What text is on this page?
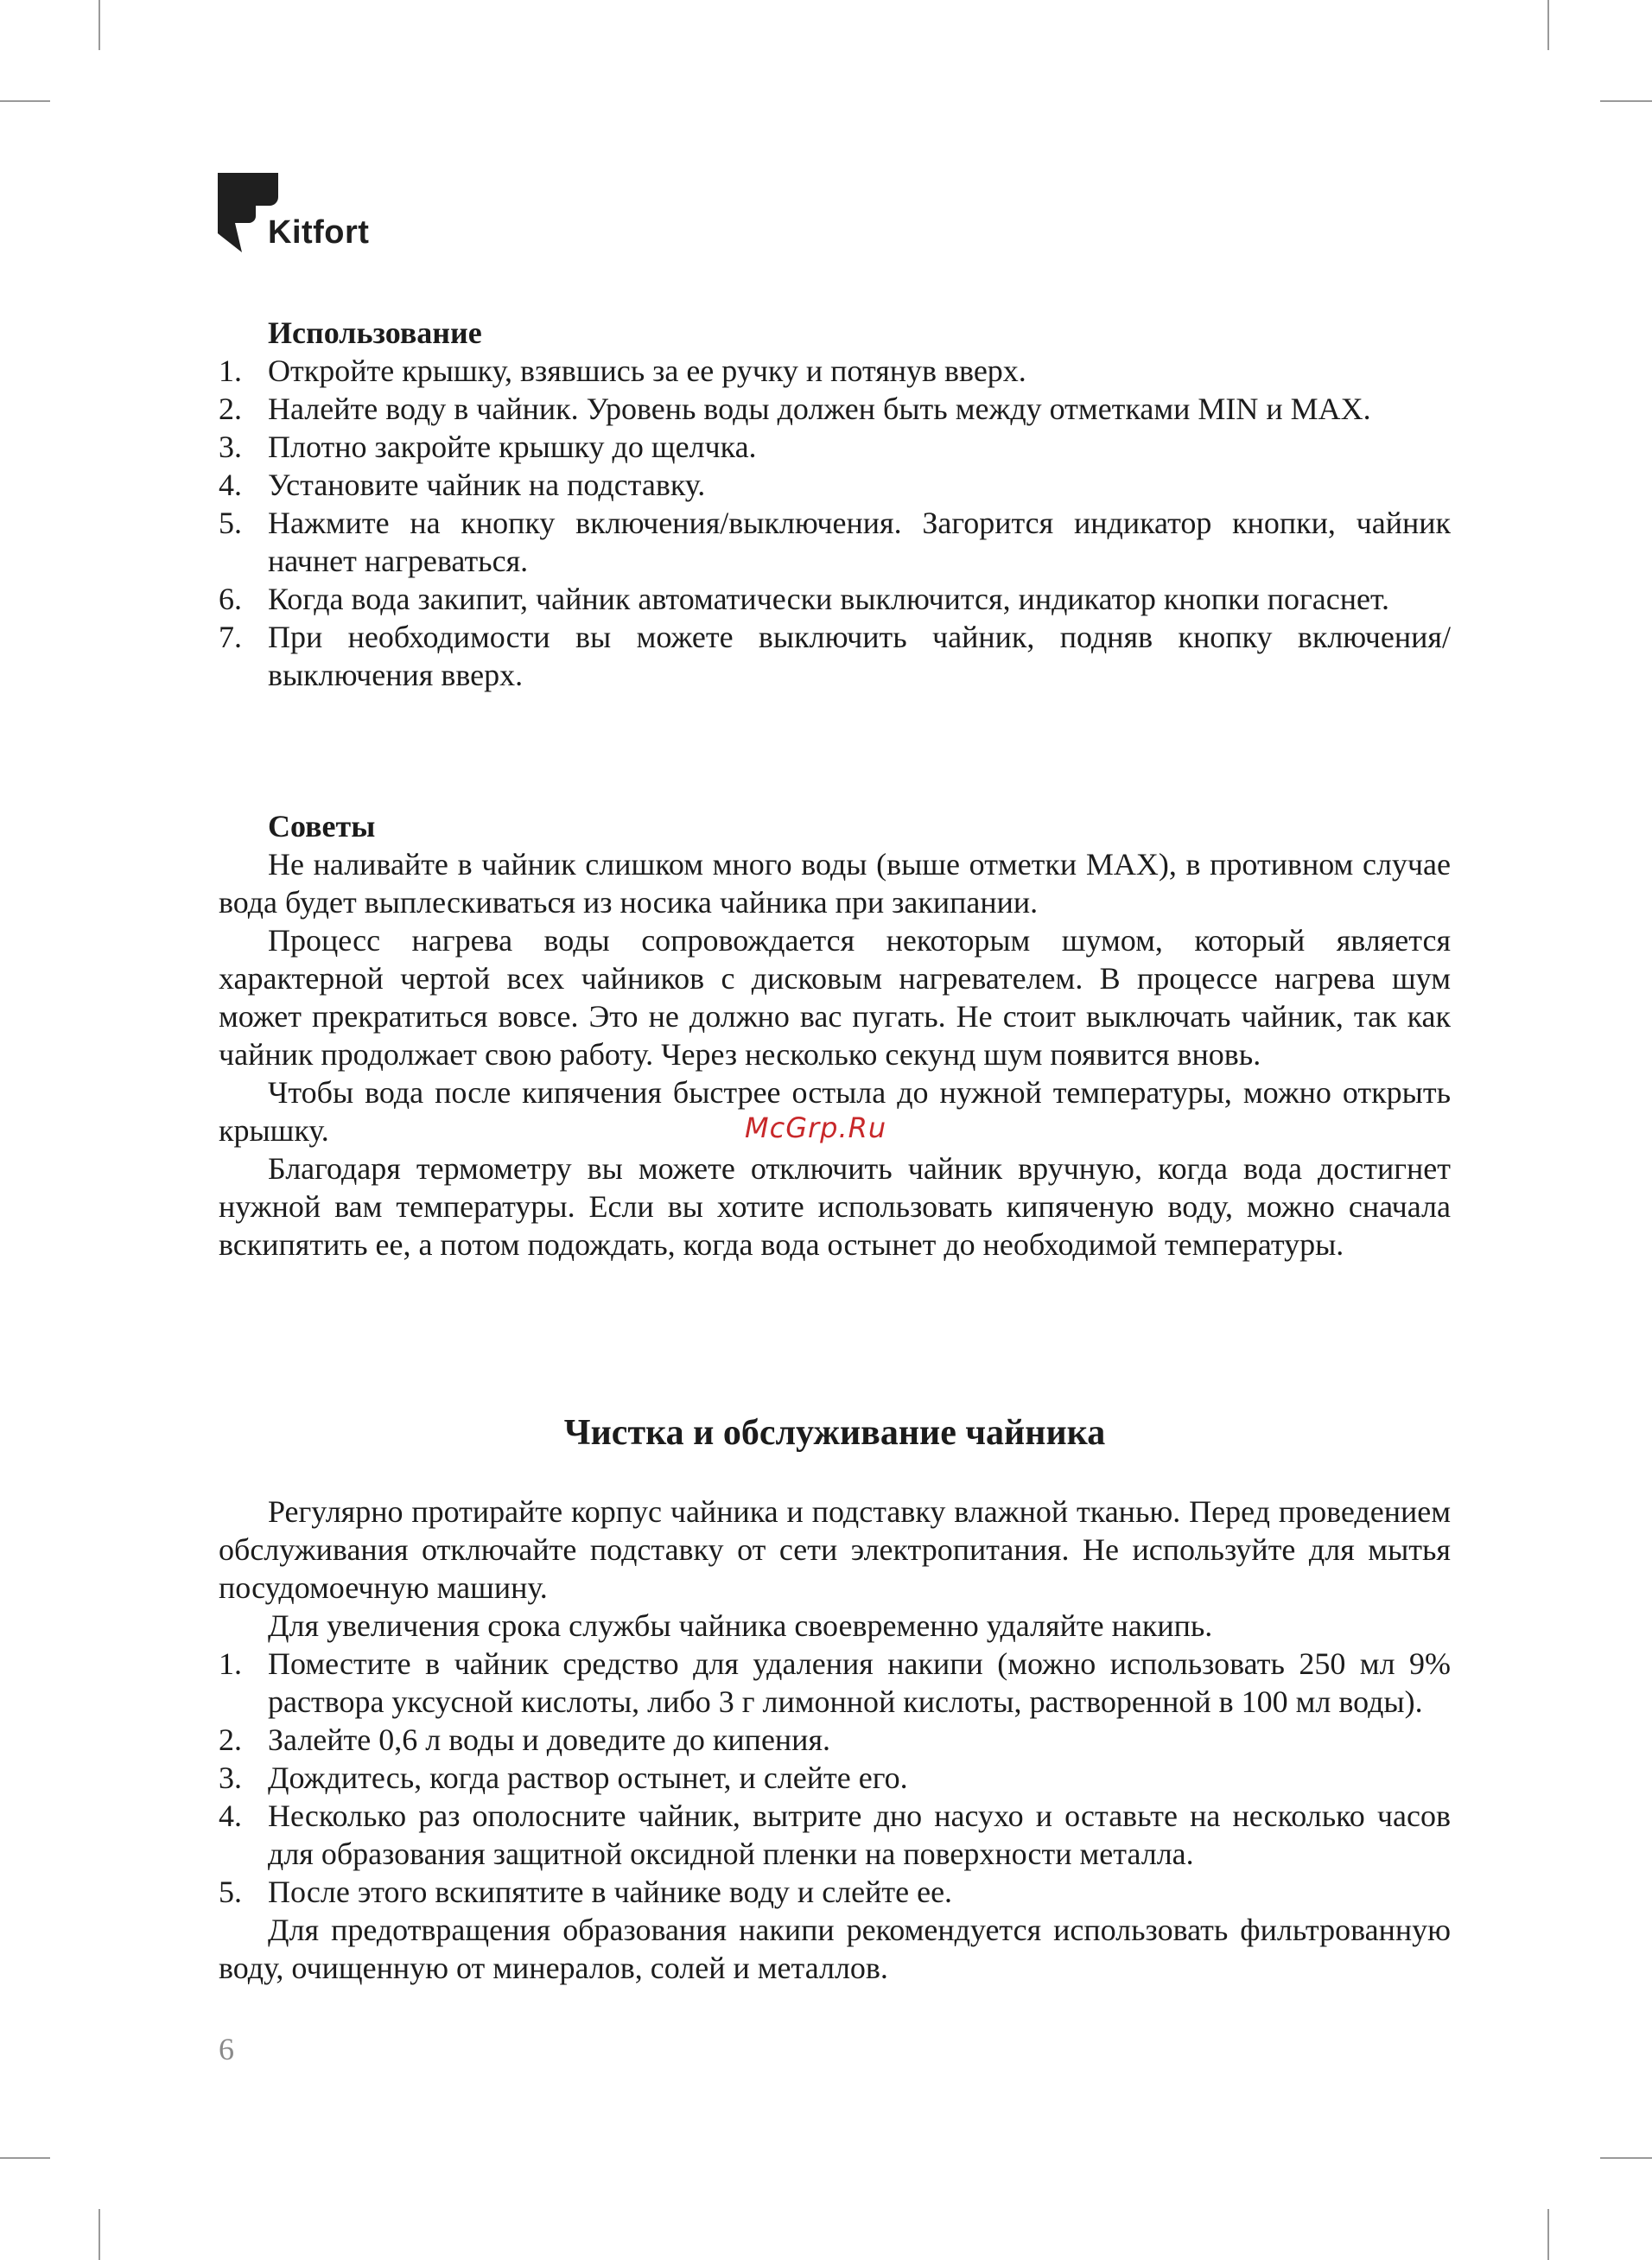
Kitfort
Использование
1. Откройте крышку, взявшись за ее ручку и потянув вверх.
2. Налейте воду в чайник. Уровень воды должен быть между отметками MIN и MAX.
3. Плотно закройте крышку до щелчка.
4. Установите чайник на подставку.
5. Нажмите на кнопку включения/выключения. Загорится индикатор кнопки, чайник начнет нагреваться.
6. Когда вода закипит, чайник автоматически выключится, индикатор кнопки погаснет.
7. При необходимости вы можете выключить чайник, подняв кнопку включения/выключения вверх.
Советы

Не наливайте в чайник слишком много воды (выше отметки MAX), в противном случае вода будет выплескиваться из носика чайника при закипании.

Процесс нагрева воды сопровождается некоторым шумом, который является характерной чертой всех чайников с дисковым нагревателем. В процессе нагрева шум может прекратиться вовсе. Это не должно вас пугать. Не стоит выключать чайник, так как чайник продолжает свою работу. Через несколько секунд шум появится вновь.

Чтобы вода после кипячения быстрее остыла до нужной температуры, можно открыть крышку.

Благодаря термометру вы можете отключить чайник вручную, когда вода достигнет нужной вам температуры. Если вы хотите использовать кипяченую воду, можно сначала вскипятить ее, а потом подождать, когда вода остынет до необходимой температуры.

McGrp.Ru
Чистка и обслуживание чайника

Регулярно протирайте корпус чайника и подставку влажной тканью. Перед проведением обслуживания отключайте подставку от сети электропитания. Не используйте для мытья посудомоечную машину.

Для увеличения срока службы чайника своевременно удаляйте накипь.

1. Поместите в чайник средство для удаления накипи (можно использовать 250 мл 9% раствора уксусной кислоты, либо 3 г лимонной кислоты, растворенной в 100 мл воды).
2. Залейте 0,6 л воды и доведите до кипения.
3. Дождитесь, когда раствор остынет, и слейте его.
4. Несколько раз ополосните чайник, вытрите дно насухо и оставьте на несколько часов для образования защитной оксидной пленки на поверхности металла.
5. После этого вскипятите в чайнике воду и слейте ее.

Для предотвращения образования накипи рекомендуется использовать фильтрованную воду, очищенную от минералов, солей и металлов.

6
